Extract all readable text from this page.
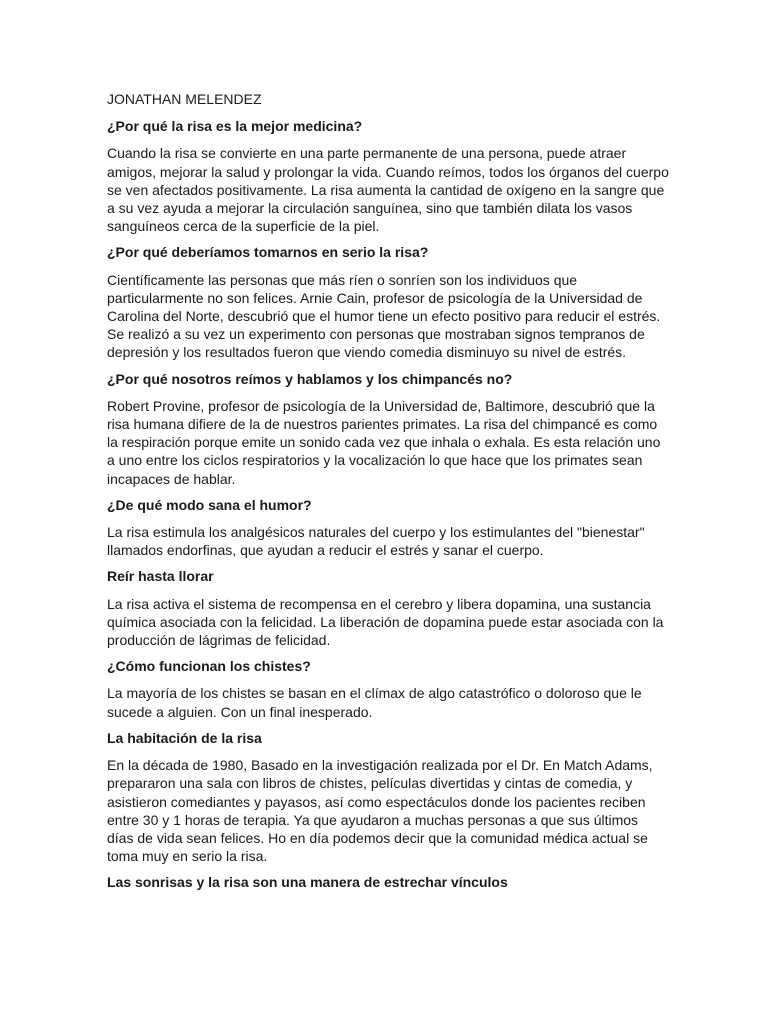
JONATHAN MELENDEZ

¿Por qué la risa es la mejor medicina?

Cuando la risa se convierte en una parte permanente de una persona, puede atraer
amigos, mejorar la salud y prolongar la vida. Cuando reímos, todos los órganos del cuerpo
se ven afectados positivamente. La risa aumenta la cantidad de oxígeno en la sangre que
a su vez ayuda a mejorar la circulación sanguínea, sino que también dilata los vasos
sanguíneos cerca de la superficie de la piel.

¿Por qué deberíamos tomarnos en serio la risa?

Científicamente las personas que más ríen o sonríen son los individuos que
particularmente no son felices. Arnie Cain, profesor de psicología de la Universidad de
Carolina del Norte, descubrió que el humor tiene un efecto positivo para reducir el estrés.
Se realizó a su vez un experimento con personas que mostraban signos tempranos de
depresión y los resultados fueron que viendo comedia disminuyo su nivel de estrés.

¿Por qué nosotros reímos y hablamos y los chimpancés no?

Robert Provine, profesor de psicología de la Universidad de, Baltimore, descubrió que la
risa humana difiere de la de nuestros parientes primates. La risa del chimpancé es como
la respiración porque emite un sonido cada vez que inhala o exhala. Es esta relación uno
a uno entre los ciclos respiratorios y la vocalización lo que hace que los primates sean
incapaces de hablar.

¿De qué modo sana el humor?

La risa estimula los analgésicos naturales del cuerpo y los estimulantes del "bienestar"
llamados endorfinas, que ayudan a reducir el estrés y sanar el cuerpo.

Reír hasta llorar

La risa activa el sistema de recompensa en el cerebro y libera dopamina, una sustancia
química asociada con la felicidad. La liberación de dopamina puede estar asociada con la
producción de lágrimas de felicidad.

¿Cómo funcionan los chistes?

La mayoría de los chistes se basan en el clímax de algo catastrófico o doloroso que le
sucede a alguien. Con un final inesperado.

La habitación de la risa

En la década de 1980, Basado en la investigación realizada por el Dr. En Match Adams,
prepararon una sala con libros de chistes, películas divertidas y cintas de comedia, y
asistieron comediantes y payasos, así como espectáculos donde los pacientes reciben
entre 30 y 1 horas de terapia. Ya que ayudaron a muchas personas a que sus últimos
días de vida sean felices. Ho en día podemos decir que la comunidad médica actual se
toma muy en serio la risa.

Las sonrisas y la risa son una manera de estrechar vínculos
